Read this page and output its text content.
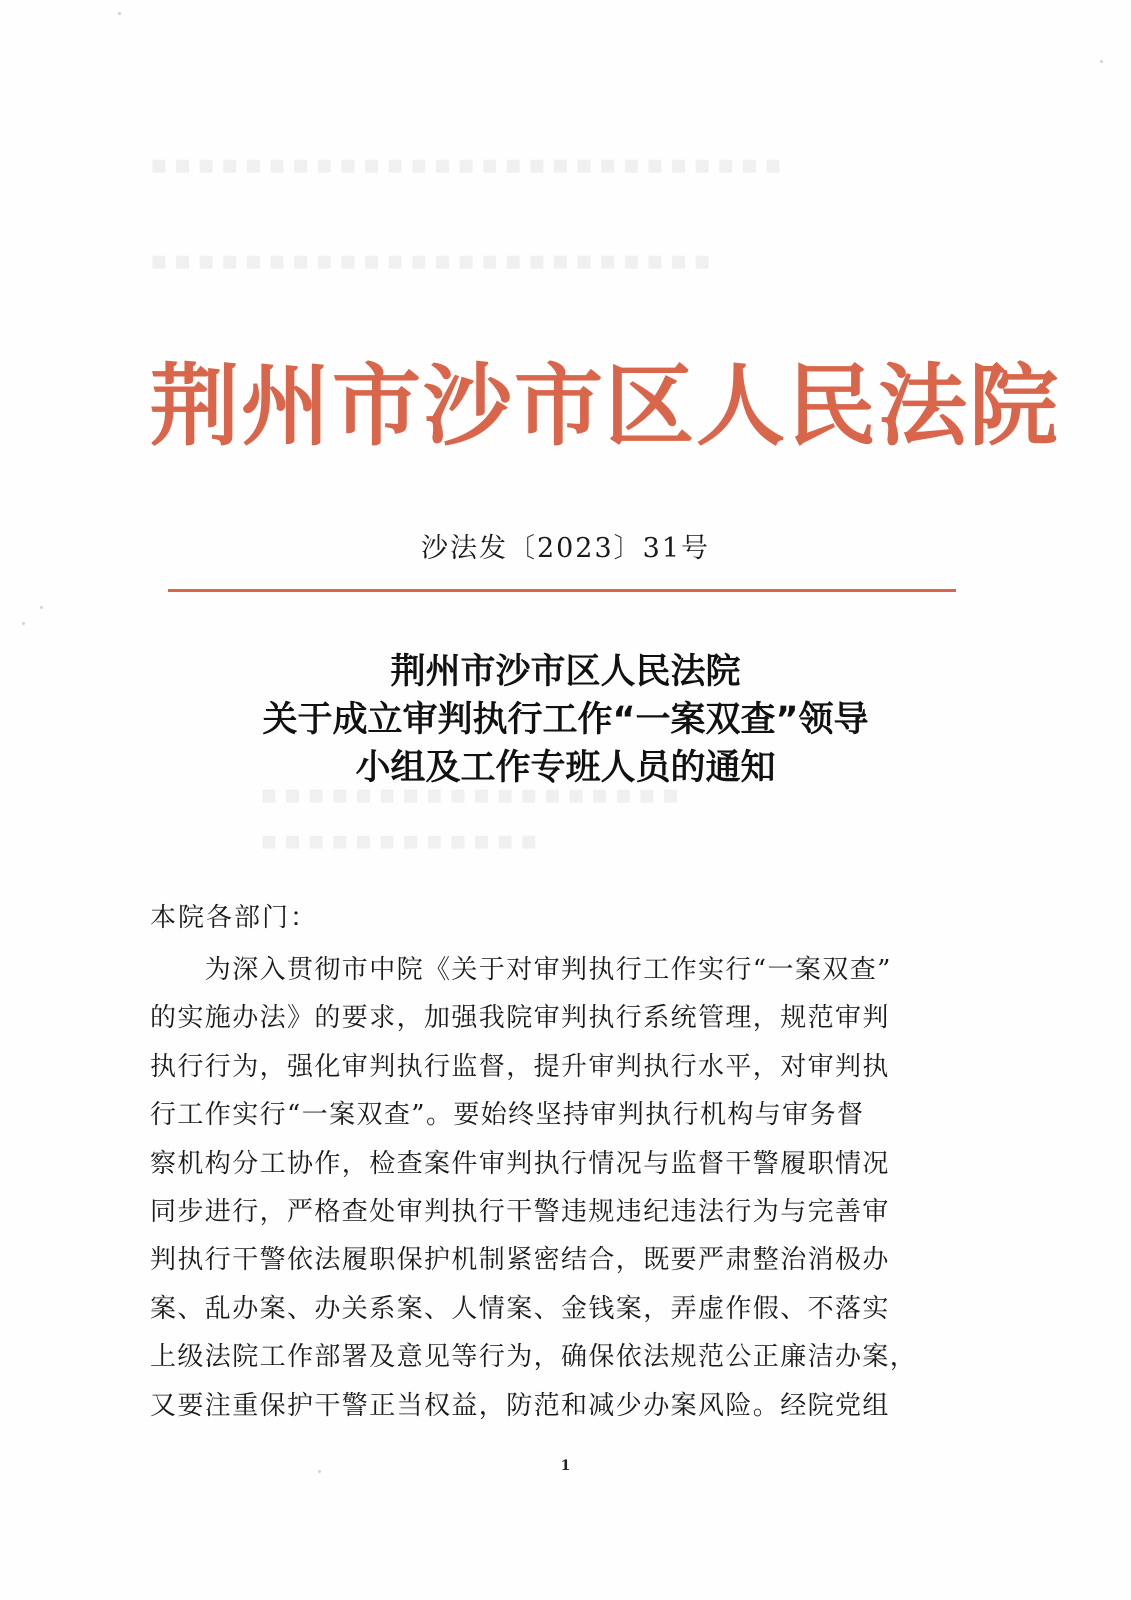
▪▪▪▪▪▪▪▪▪▪▪▪▪▪▪▪▪▪▪▪▪▪▪▪▪▪▪
▪▪▪▪▪▪▪▪▪▪▪▪▪▪▪▪▪▪▪▪▪▪▪▪
▪▪▪▪▪▪▪▪▪▪▪▪▪▪▪▪▪▪
▪▪▪▪▪▪▪▪▪▪▪▪
荆州市沙市区人民法院
沙法发〔2023〕31号
荆州市沙市区人民法院
关于成立审判执行工作“一案双查”领导
小组及工作专班人员的通知
本院各部门：
　　为深入贯彻市中院《关于对审判执行工作实行“一案双查”
的实施办法》的要求，加强我院审判执行系统管理，规范审判
执行行为，强化审判执行监督，提升审判执行水平，对审判执
行工作实行“一案双查”。要始终坚持审判执行机构与审务督
察机构分工协作，检查案件审判执行情况与监督干警履职情况
同步进行，严格查处审判执行干警违规违纪违法行为与完善审
判执行干警依法履职保护机制紧密结合，既要严肃整治消极办
案、乱办案、办关系案、人情案、金钱案，弄虚作假、不落实
上级法院工作部署及意见等行为，确保依法规范公正廉洁办案，
又要注重保护干警正当权益，防范和减少办案风险。经院党组
1
